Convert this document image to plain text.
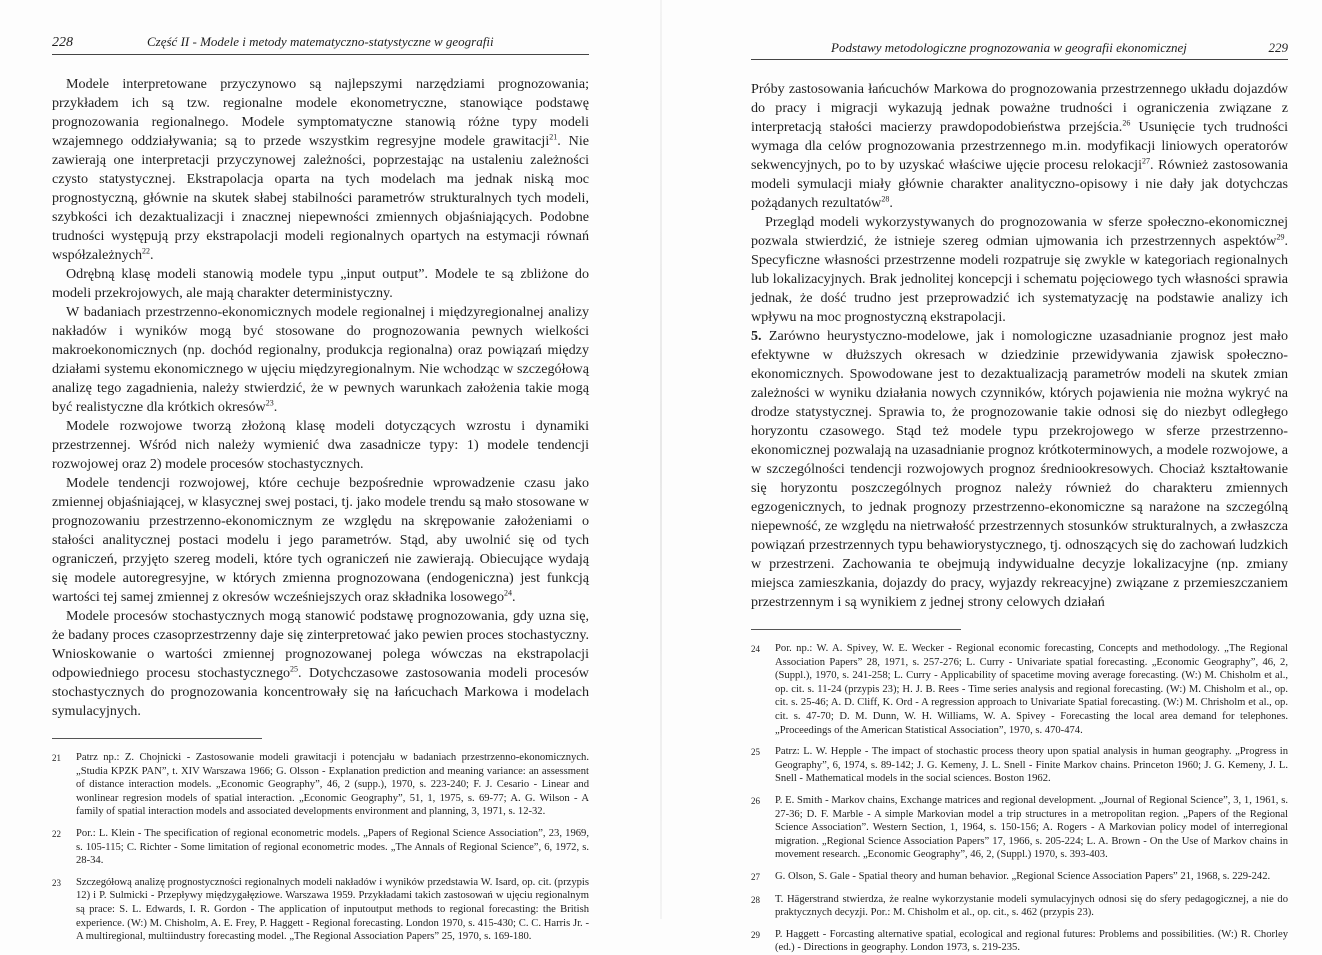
228	Część II - Modele i metody matematyczno-statystyczne w geografii

Modele interpretowane przyczynowo są najlepszymi narzędziami prognozowania; przykładem ich są tzw. regionalne modele ekonometryczne, stanowiące podstawę prognozowania regionalnego. Modele symptomatyczne stanowią różne typy modeli wzajemnego oddziaływania; są to przede wszystkim regresyjne modele grawitacji$^{21}$. Nie zawierają one interpretacji przyczynowej zależności, poprzestając na ustaleniu zależności czysto statystycznej. Ekstrapolacja oparta na tych modelach ma jednak niską moc prognostyczną, głównie na skutek słabej stabilności parametrów strukturalnych tych modeli, szybkości ich dezaktualizacji i znacznej niepewności zmiennych objaśniających. Podobne trudności występują przy ekstrapolacji modeli regionalnych opartych na estymacji równań współzależnych$^{22}$.

Odrębną klasę modeli stanowią modele typu „input output”. Modele te są zbliżone do modeli przekrojowych, ale mają charakter deterministyczny.

W badaniach przestrzenno-ekonomicznych modele regionalnej i międzyregionalnej analizy nakładów i wyników mogą być stosowane do prognozowania pewnych wielkości makroekonomicznych (np. dochód regionalny, produkcja regionalna) oraz powiązań między działami systemu ekonomicznego w ujęciu międzyregionalnym. Nie wchodząc w szczegółową analizę tego zagadnienia, należy stwierdzić, że w pewnych warunkach założenia takie mogą być realistyczne dla krótkich okresów$^{23}$.

Modele rozwojowe tworzą złożoną klasę modeli dotyczących wzrostu i dynamiki przestrzennej. Wśród nich należy wymienić dwa zasadnicze typy: 1) modele tendencji rozwojowej oraz 2) modele procesów stochastycznych.

Modele tendencji rozwojowej, które cechuje bezpośrednie wprowadzenie czasu jako zmiennej objaśniającej, w klasycznej swej postaci, tj. jako modele trendu są mało stosowane w prognozowaniu przestrzenno-ekonomicznym ze względu na skrępowanie założeniami o stałości analitycznej postaci modelu i jego parametrów. Stąd, aby uwolnić się od tych ograniczeń, przyjęto szereg modeli, które tych ograniczeń nie zawierają. Obiecujące wydają się modele autoregresyjne, w których zmienna prognozowana (endogeniczna) jest funkcją wartości tej samej zmiennej z okresów wcześniejszych oraz składnika losowego$^{24}$.

Modele procesów stochastycznych mogą stanowić podstawę prognozowania, gdy uzna się, że badany proces czasoprzestrzenny daje się zinterpretować jako pewien proces stochastyczny. Wnioskowanie o wartości zmiennej prognozowanej polega wówczas na ekstrapolacji odpowiedniego procesu stochastycznego$^{25}$. Dotychczasowe zastosowania modeli procesów stochastycznych do prognozowania koncentrowały się na łańcuchach Markowa i modelach symulacyjnych.

21	Patrz np.: Z. Chojnicki - Zastosowanie modeli grawitacji i potencjału w badaniach przestrzenno-ekonomicznych. „Studia KPZK PAN”, t. XIV Warszawa 1966; G. Olsson - Explanation prediction and meaning variance: an assessment of distance interaction models. „Economic Geography”, 46, 2 (supp.), 1970, s. 223-240; F. J. Cesario - Linear and wonlinear regresion models of spatial interaction. „Economic Geography”, 51, 1, 1975, s. 69-77; A. G. Wilson - A family of spatial interaction models and associated developments environment and planning, 3, 1971, s. 12-32.
22	Por.: L. Klein - The specification of regional econometric models. „Papers of Regional Science Association”, 23, 1969, s. 105-115; C. Richter - Some limitation of regional econometric modes. „The Annals of Regional Science”, 6, 1972, s. 28-34.
23	Szczegółową analizę prognostyczności regionalnych modeli nakładów i wyników przedstawia W. Isard, op. cit. (przypis 12) i P. Sulmicki - Przepływy międzygałęziowe. Warszawa 1959. Przykładami takich zastosowań w ujęciu regionalnym są prace: S. L. Edwards, I. R. Gordon - The application of inputoutput methods to regional forecasting: the British experience. (W:) M. Chisholm, A. E. Frey, P. Haggett - Regional forecasting. London 1970, s. 415-430; C. C. Harris Jr. - A multiregional, multiindustry forecasting model. „The Regional Association Papers” 25, 1970, s. 169-180.
Podstawy metodologiczne prognozowania w geografii ekonomicznej	229

Próby zastosowania łańcuchów Markowa do prognozowania przestrzennego układu dojazdów do pracy i migracji wykazują jednak poważne trudności i ograniczenia związane z interpretacją stałości macierzy prawdopodobieństwa przejścia.$^{26}$ Usunięcie tych trudności wymaga dla celów prognozowania przestrzennego m.in. modyfikacji liniowych operatorów sekwencyjnych, po to by uzyskać właściwe ujęcie procesu relokacji$^{27}$. Również zastosowania modeli symulacji miały głównie charakter analityczno-opisowy i nie dały jak dotychczas pożądanych rezultatów$^{28}$.

Przegląd modeli wykorzystywanych do prognozowania w sferze społeczno-ekonomicznej pozwala stwierdzić, że istnieje szereg odmian ujmowania ich przestrzennych aspektów$^{29}$. Specyficzne własności przestrzenne modeli rozpatruje się zwykle w kategoriach regionalnych lub lokalizacyjnych. Brak jednolitej koncepcji i schematu pojęciowego tych własności sprawia jednak, że dość trudno jest przeprowadzić ich systematyzację na podstawie analizy ich wpływu na moc prognostyczną ekstrapolacji.

5. Zarówno heurystyczno-modelowe, jak i nomologiczne uzasadnianie prognoz jest mało efektywne w dłuższych okresach w dziedzinie przewidywania zjawisk społeczno-ekonomicznych. Spowodowane jest to dezaktualizacją parametrów modeli na skutek zmian zależności w wyniku działania nowych czynników, których pojawienia nie można wykryć na drodze statystycznej. Sprawia to, że prognozowanie takie odnosi się do niezbyt odległego horyzontu czasowego. Stąd też modele typu przekrojowego w sferze przestrzenno-ekonomicznej pozwalają na uzasadnianie prognoz krótkoterminowych, a modele rozwojowe, a w szczególności tendencji rozwojowych prognoz średniookresowych. Chociaż kształtowanie się horyzontu poszczególnych prognoz należy również do charakteru zmiennych egzogenicznych, to jednak prognozy przestrzenno-ekonomiczne są narażone na szczególną niepewność, ze względu na nietrwałość przestrzennych stosunków strukturalnych, a zwłaszcza powiązań przestrzennych typu behawiorystycznego, tj. odnoszących się do zachowań ludzkich w przestrzeni. Zachowania te obejmują indywidualne decyzje lokalizacyjne (np. zmiany miejsca zamieszkania, dojazdy do pracy, wyjazdy rekreacyjne) związane z przemieszczaniem przestrzennym i są wynikiem z jednej strony celowych działań

24	Por. np.: W. A. Spivey, W. E. Wecker - Regional economic forecasting, Concepts and methodology. „The Regional Association Papers” 28, 1971, s. 257-276; L. Curry - Univariate spatial forecasting. „Economic Geography”, 46, 2, (Suppl.), 1970, s. 241-258; L. Curry - Applicability of spacetime moving average forecasting. (W:) M. Chisholm et al., op. cit. s. 11-24 (przypis 23); H. J. B. Rees - Time series analysis and regional forecasting. (W:) M. Chisholm et al., op. cit. s. 25-46; A. D. Cliff, K. Ord - A regression approach to Univariate Spatial forecasting. (W:) M. Chrisholm et al., op. cit. s. 47-70; D. M. Dunn, W. H. Williams, W. A. Spivey - Forecasting the local area demand for telephones. „Proceedings of the American Statistical Association”, 1970, s. 470-474.
25	Patrz: L. W. Hepple - The impact of stochastic process theory upon spatial analysis in human geography. „Progress in Geography”, 6, 1974, s. 89-142; J. G. Kemeny, J. L. Snell - Finite Markov chains. Princeton 1960; J. G. Kemeny, J. L. Snell - Mathematical models in the social sciences. Boston 1962.
26	P. E. Smith - Markov chains, Exchange matrices and regional development. „Journal of Regional Science”, 3, 1, 1961, s. 27-36; D. F. Marble - A simple Markovian model a trip structures in a metropolitan region. „Papers of the Regional Science Association”. Western Section, 1, 1964, s. 150-156; A. Rogers - A Markovian policy model of interregional migration. „Regional Science Association Papers” 17, 1966, s. 205-224; L. A. Brown - On the Use of Markov chains in movement research. „Economic Geography”, 46, 2, (Suppl.) 1970, s. 393-403.
27	G. Olson, S. Gale - Spatial theory and human behavior. „Regional Science Association Papers” 21, 1968, s. 229-242.
28	T. Hägerstrand stwierdza, że realne wykorzystanie modeli symulacyjnych odnosi się do sfery pedagogicznej, a nie do praktycznych decyzji. Por.: M. Chisholm et al., op. cit., s. 462 (przypis 23).
29	P. Haggett - Forcasting alternative spatial, ecological and regional futures: Problems and possibilities. (W:) R. Chorley (ed.) - Directions in geography. London 1973, s. 219-235.
